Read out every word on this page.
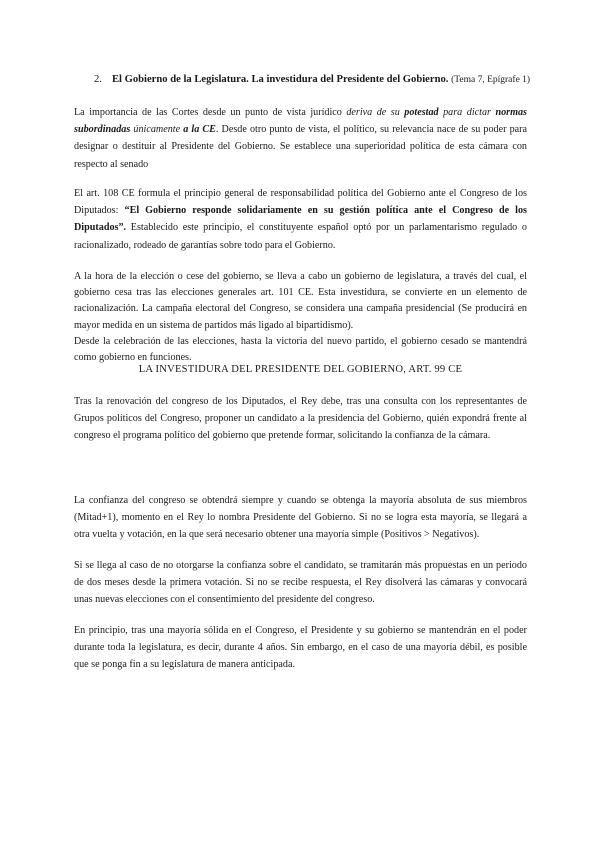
2. El Gobierno de la Legislatura. La investidura del Presidente del Gobierno. (Tema 7, Epígrafe 1)

La importancia de las Cortes desde un punto de vista jurídico deriva de su potestad para dictar normas subordinadas únicamente a la CE. Desde otro punto de vista, el político, su relevancia nace de su poder para designar o destituir al Presidente del Gobierno. Se establece una superioridad política de esta cámara con respecto al senado

El art. 108 CE formula el principio general de responsabilidad política del Gobierno ante el Congreso de los Diputados: “El Gobierno responde solidariamente en su gestión política ante el Congreso de los Diputados”. Establecido este principio, el constituyente español optó por un parlamentarismo regulado o racionalizado, rodeado de garantías sobre todo para el Gobierno.

A la hora de la elección o cese del gobierno, se lleva a cabo un gobierno de legislatura, a través del cual, el gobierno cesa tras las elecciones generales art. 101 CE. Esta investidura, se convierte en un elemento de racionalización. La campaña electoral del Congreso, se considera una campaña presidencial (Se producirá en mayor medida en un sistema de partidos más ligado al bipartidismo).

Desde la celebración de las elecciones, hasta la victoria del nuevo partido, el gobierno cesado se mantendrá como gobierno en funciones.

LA INVESTIDURA DEL PRESIDENTE DEL GOBIERNO, ART. 99 CE

Tras la renovación del congreso de los Diputados, el Rey debe, tras una consulta con los representantes de Grupos políticos del Congreso, proponer un candidato a la presidencia del Gobierno, quién expondrá frente al congreso el programa político del gobierno que pretende formar, solicitando la confianza de la cámara.

La confianza del congreso se obtendrá siempre y cuando se obtenga la mayoría absoluta de sus miembros (Mitad+1), momento en el Rey lo nombra Presidente del Gobierno. Si no se logra esta mayoría, se llegará a otra vuelta y votación, en la que será necesario obtener una mayoría simple (Positivos > Negativos).

Si se llega al caso de no otorgarse la confianza sobre el candidato, se tramitarán más propuestas en un periodo de dos meses desde la primera votación. Si no se recibe respuesta, el Rey disolverá las cámaras y convocará unas nuevas elecciones con el consentimiento del presidente del congreso.

En principio, tras una mayoría sólida en el Congreso, el Presidente y su gobierno se mantendrán en el poder durante toda la legislatura, es decir, durante 4 años. Sin embargo, en el caso de una mayoría débil, es posible que se ponga fin a su legislatura de manera anticipada.
